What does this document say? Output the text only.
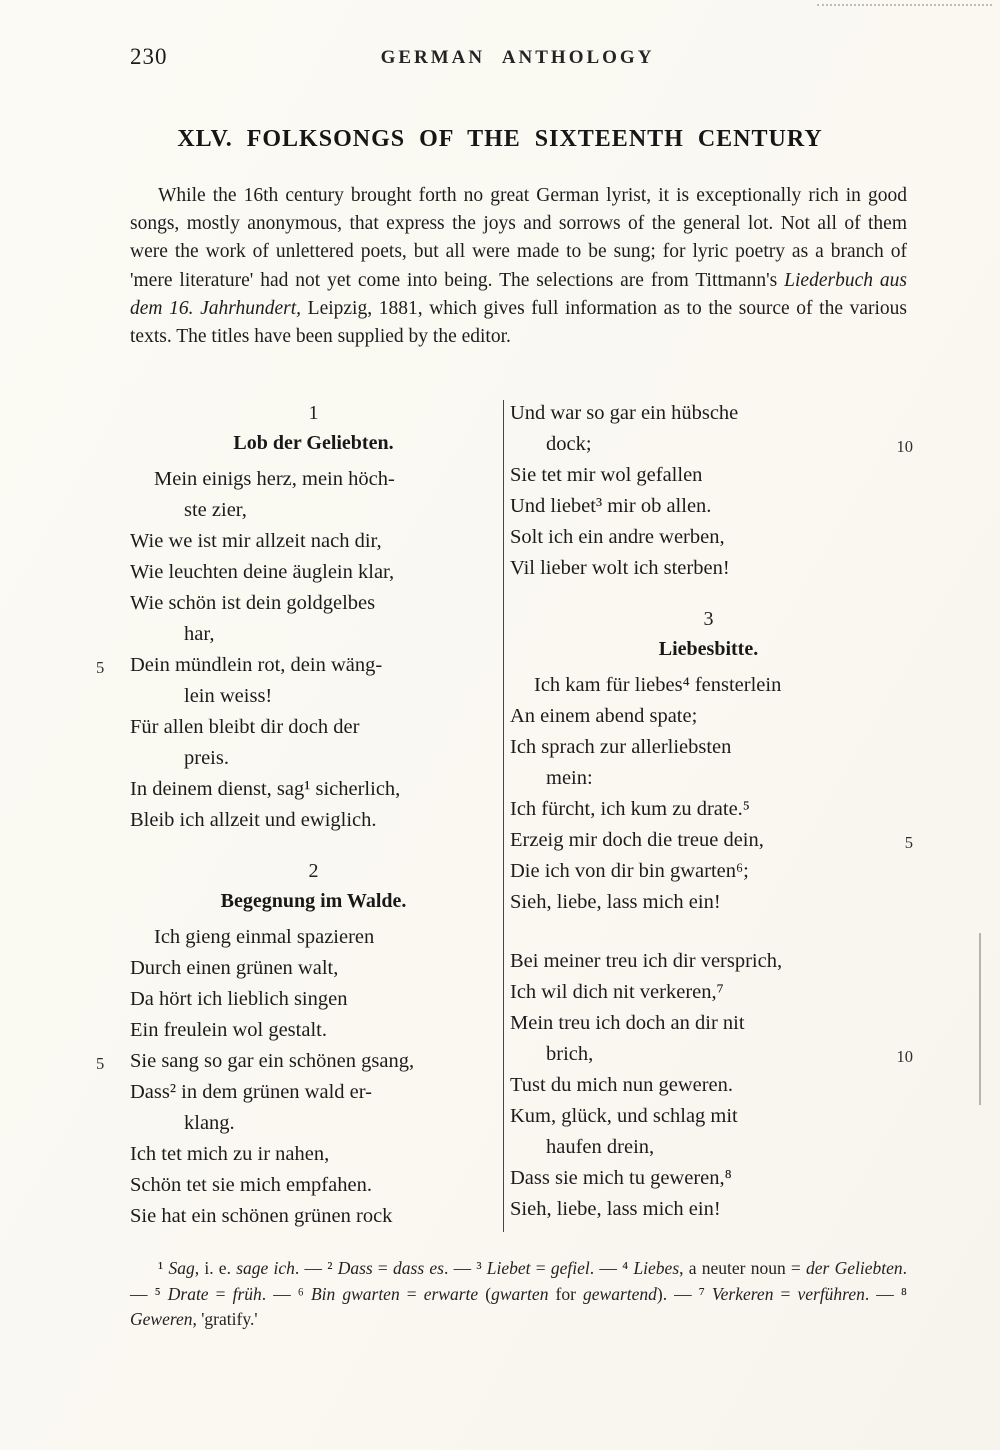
230	GERMAN ANTHOLOGY
XLV. FOLKSONGS OF THE SIXTEENTH CENTURY

While the 16th century brought forth no great German lyrist, it is exceptionally rich in good songs, mostly anonymous, that express the joys and sorrows of the general lot. Not all of them were the work of unlettered poets, but all were made to be sung; for lyric poetry as a branch of 'mere literature' had not yet come into being. The selections are from Tittmann's Liederbuch aus dem 16. Jahrhundert, Leipzig, 1881, which gives full information as to the source of the various texts. The titles have been supplied by the editor.

1
Lob der Geliebten.
Mein einigs herz, mein höch-
ste zier,
Wie we ist mir allzeit nach dir,
Wie leuchten deine äuglein klar,
Wie schön ist dein goldgelbes
har,
Dein mündlein rot, dein wäng-
5
lein weiss!
Für allen bleibt dir doch der
preis.
In deinem dienst, sag¹ sicherlich,
Bleib ich allzeit und ewiglich.
2
Begegnung im Walde.
Ich gieng einmal spazieren
Durch einen grünen walt,
Da hört ich lieblich singen
Ein freulein wol gestalt.
Sie sang so gar ein schönen gsang,
5
Dass² in dem grünen wald er-
klang.
Ich tet mich zu ir nahen,
Schön tet sie mich empfahen.
Sie hat ein schönen grünen rock
Und war so gar ein hübsche
dock;	10
Sie tet mir wol gefallen
Und liebet³ mir ob allen.
Solt ich ein andre werben,
Vil lieber wolt ich sterben!
3
Liebesbitte.
Ich kam für liebes⁴ fensterlein
An einem abend spate;
Ich sprach zur allerliebsten
mein:
Ich fürcht, ich kum zu drate.⁵
Erzeig mir doch die treue dein,	5
Die ich von dir bin gwarten⁶;
Sieh, liebe, lass mich ein!
Bei meiner treu ich dir versprich,
Ich wil dich nit verkeren,⁷
Mein treu ich doch an dir nit
brich,	10
Tust du mich nun geweren.
Kum, glück, und schlag mit
haufen drein,
Dass sie mich tu geweren,⁸
Sieh, liebe, lass mich ein!

¹ Sag, i. e. sage ich. — ² Dass = dass es. — ³ Liebet = gefiel. — ⁴ Liebes, a neuter noun = der Geliebten. — ⁵ Drate = früh. — ⁶ Bin gwarten = erwarte (gwarten for gewartend). — ⁷ Verkeren = verführen. — ⁸ Geweren, 'gratify.'
